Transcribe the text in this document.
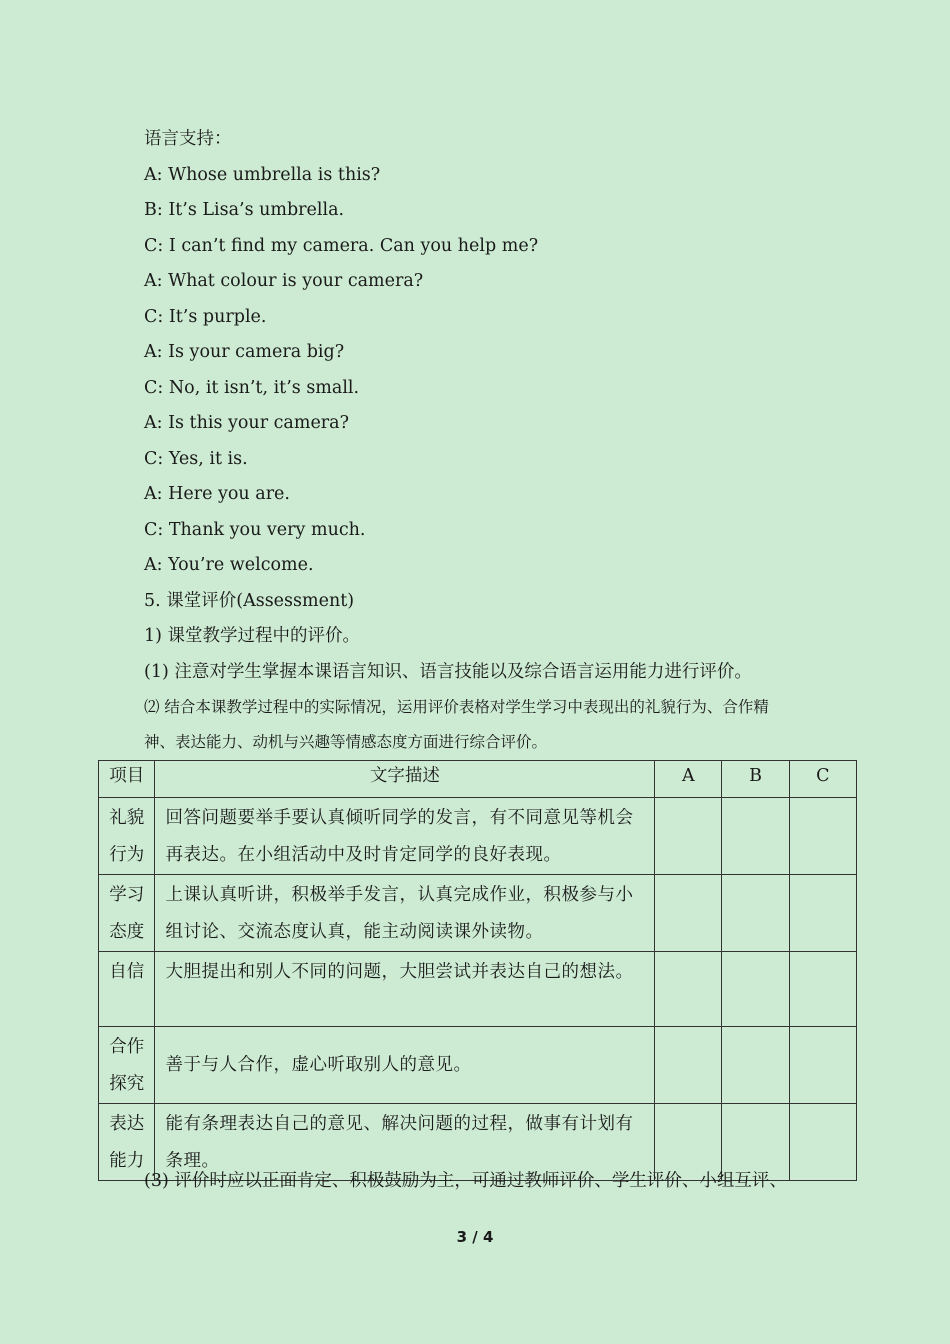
语言支持：
A: Whose umbrella is this?
B: It’s Lisa’s umbrella.
C: I can’t find my camera. Can you help me?
A: What colour is your camera?
C: It’s purple.
A: Is your camera big?
C: No, it isn’t, it’s small.
A: Is this your camera?
C: Yes, it is.
A: Here you are.
C: Thank you very much.
A: You’re welcome.
5. 课堂评价(Assessment)
1) 课堂教学过程中的评价。
(1) 注意对学生掌握本课语言知识、语言技能以及综合语言运用能力进行评价。
⑵ 结合本课教学过程中的实际情况，运用评价表格对学生学习中表现出的礼貌行为、合作精
神、表达能力、动机与兴趣等情感态度方面进行综合评价。
项目	文字描述	A	B	C
礼貌
行为	回答问题要举手要认真倾听同学的发言，有不同意见等机会再表达。在小组活动中及时肯定同学的良好表现。			
学习
态度	上课认真听讲，积极举手发言，认真完成作业，积极参与小组讨论、交流态度认真，能主动阅读课外读物。			
自信	大胆提出和别人不同的问题，大胆尝试并表达自己的想法。			
合作
探究	善于与人合作，虚心听取别人的意见。			
表达
能力	能有条理表达自己的意见、解决问题的过程，做事有计划有条理。			
(3) 评价时应以正面肯定、积极鼓励为主，可通过教师评价、学生评价、小组互评、
3 / 4
